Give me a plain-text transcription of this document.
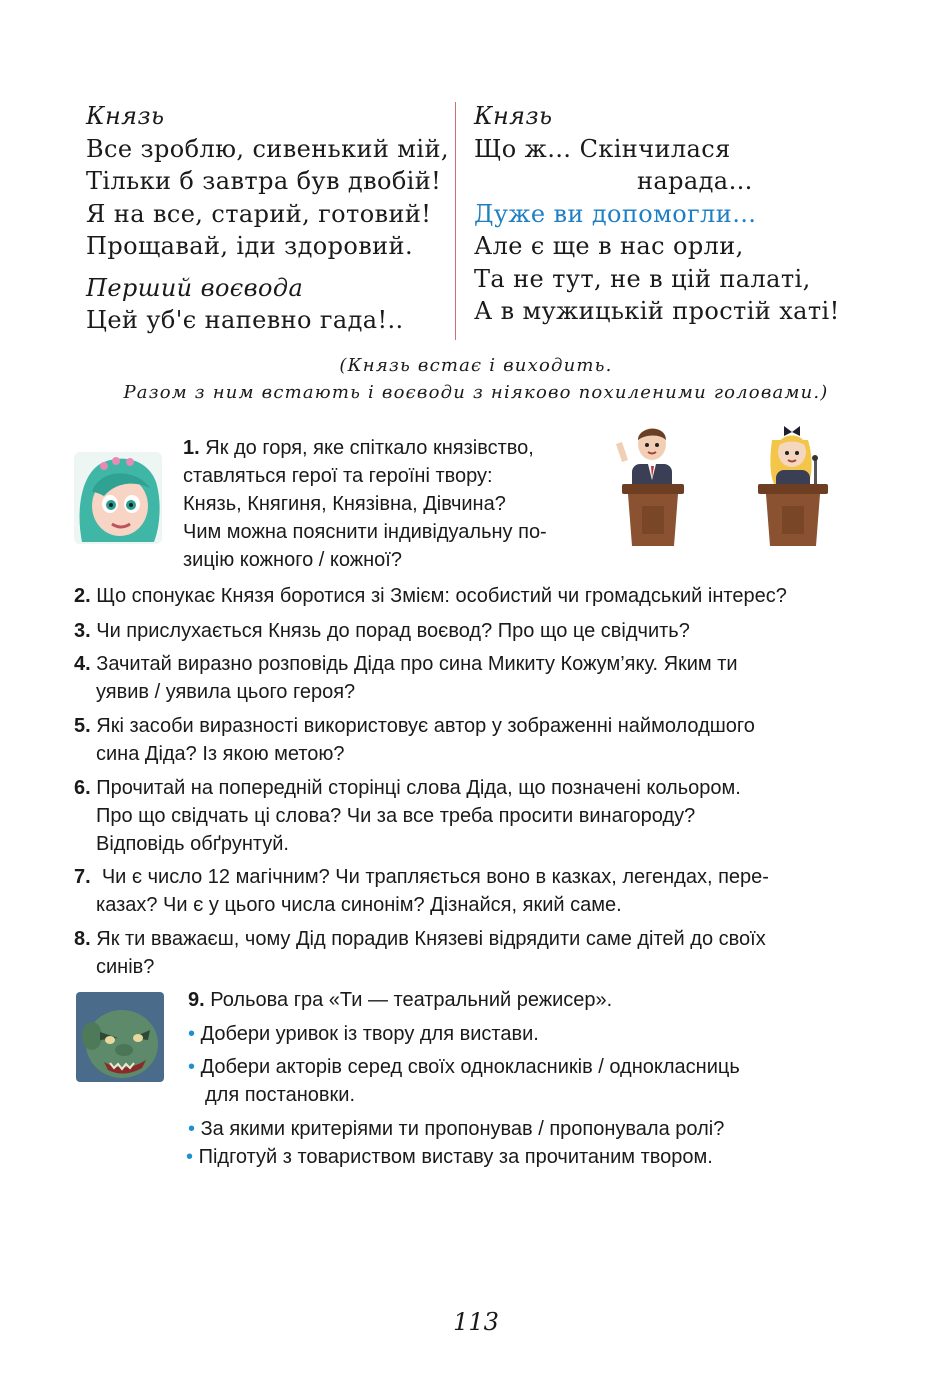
Князь
Все зроблю, сивенький мій,
Тільки б завтра був двобій!
Я на все, старий, готовий!
Прощавай, іди здоровий.
Перший воєвода
Цей уб'є напевно гада!..
Князь
Що ж… Скінчилася
нарада…
Дуже ви допомогли…
Але є ще в нас орли,
Та не тут, не в цій палаті,
А в мужицькій простій хаті!
(Князь встає і виходить.
Разом з ним встають і воєводи з ніяково похиленими головами.)
1. Як до горя, яке спіткало князівство,
ставляться герої та героїні твору:
Князь, Княгиня, Князівна, Дівчина?
Чим можна пояснити індивідуальну по-
зицію кожного / кожної?
2. Що спонукає Князя боротися зі Змієм: особистий чи громадський інтерес?
3. Чи прислухається Князь до порад воєвод? Про що це свідчить?
4. Зачитай виразно розповідь Діда про сина Микиту Кожум’яку. Яким ти
уявив / уявила цього героя?
5. Які засоби виразності використовує автор у зображенні наймолодшого
сина Діда? Із якою метою?
6. Прочитай на попередній сторінці слова Діда, що позначені кольором.
Про що свідчать ці слова? Чи за все треба просити винагороду?
Відповідь обґрунтуй.
7. Чи є число 12 магічним? Чи трапляється воно в казках, легендах, пере-
казах? Чи є у цього числа синонім? Дізнайся, який саме.
8. Як ти вважаєш, чому Дід порадив Князеві відрядити саме дітей до своїх
синів?
9. Рольова гра «Ти — театральний режисер».
• Добери уривок із твору для вистави.
• Добери акторів серед своїх однокласників / однокласниць
для постановки.
• За якими критеріями ти пропонував / пропонувала ролі?
• Підготуй з товариством виставу за прочитаним твором.
113
